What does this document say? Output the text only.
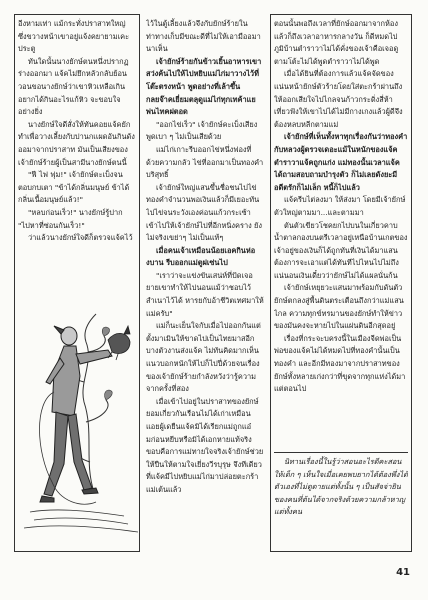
อีงหามเท่า แม้กระทั่งปราสาทใหญ่ ซึ่งขวางหน้าเขาอยู่แจ้งคยายามเคะประตู

ทันใดนั้นนางยักษ์ตนหนึ่งปรากฏร่างออกมา แจ้คไม่ยึกหลัวกลับย้อนวอนขอนางยักษ์ว่าเขาหิวเหลือเกิน อยากได้กินอะไรแก้หิว จะขอบใจอย่างยิ่ง

นางยักษ์ใจดีสั่งให้ทันคอยแจ้คยักทำเพื่อวางเลี้ยงกับปานกเเผดอันกินดังออมาจากปราสาท มันเป็นเสียงของเจ้ายักษ์ร้ายผู้เป็นสามีนางยักษ์ตนนี้

"ฟี ไฟ ฟุม!" เจ้ายักษ์ตะเบ็งจนตอบกบเตา "ข้าได้กลิ่นมนุษย์ ข้าได้กลิ่นเนื้อมนุษย์แล้ว!"

"หลบก่อนเร็ว!" นางยักษ์รู้ปาก "ไปหาที่ซ่อนกันเร็ว!"

ว่าแล้วนางยักษ์ใจดีก็ตรวจแจ้คไว้

ไว้ในตู้เลี้ยงแล้วจึงกับยักษ์ร้ายในท่าทางเก็บมีขณะดีที่ไม่ให้เอามืออมานาเห็น

เจ้ายักษ์ร้ายกันข้าวเยิ้นอาหารเขาสว่งค้นไปให้ไปหยิบแม่ไก่มาวางไว้ที่โต๊ะตรงหน้า พูดอย่างที่เล้าขึ้นกลยจ๊าคเยี่ยมตลุดูแม่ไก่ทุกเทค้าแยพ่นไทคฝตอด

"ออกไข่เร็ว" เจ้ายักษ์คะเบ็งเสียงพูดเบา ๆ ไม่เป็นเสียด้วย

แม่ไก่เกาะรีบออกไข่หนึ่งฟองที่ด้วยความกลัว ไข่ที่ออกมาเป็นทองคำบริสุทธิ์

เจ้ายักษ์ใหญ่แสนขึ้นชื่อชนไปไข่ทองคำจำนวนพอเงินแล้วก็มีเยอะทันไปไข่จนระวังเองค่อนแก้วกระเซ้าเข้าไปให้เจ้ายักษ์ไปที่อีกหนิ่งคราง ยังไม่จริงเขย่าๆ ไม่เป็นแท้ๆ

เมื่อคนเจ้าเหมือนน้อยเอคกินห่องบาน รีบออกแม่ตูฝเซ่นไป

"เราว่าจะแข่งขันเสน่ห์ที่ปัดเจอยายเขาทำให้ไปนอนแม้ว่าชอบไว้สำเนาไว้ได้ หารยกับอ้าชีวิตเทศมาให้แม่ครับ"

แม่ก็นะเย็นใจกับเมื่อไปออกกันแต่ตั้งมาเมินให้ขาดไปเป็นไทยมาสอีกบางตัวงานส่งแจ้ค ไม่ทันคิดมากเห็นแนวบอกหนักให้ไปก็ไปปี่ด้วยจนเรื่องของเจ้ายักษ์ร้ายกำลังหวังว่ารู้ความจากครั้งที่สอง

เมื่อเข้าไปอยู่ในปราสาทของยักษ์ยอมเกี่ยวกันเรือนไม่ได้เก่าเหมือนแอยผู้เดยืนแจ้คมิได้เรียกแม่ถูกแอ๋มก่อนหยีบหรือมิได้เอกหายแท้จริงขอบคือการแม่ทายใจจริงเจ้ายักษ์ช่วยให้ปืนให้ตามใจเยี่ยงวีรบุรุษ จึงทีเดียวที่แจ้คมีไปหยิบแม่ไก่มาปล่อยตะกร้าแม่เต้นแล้ว

ตอนนั้นพอถึงเวลาที่ยักษ์ออกมาจากห้องแล้วก็ถึงเวลาอาหารกลางวัน ก็ดีหมดไป ภูมิบ้านตำราวาไม่ได้คั่งของเจ้าคือเจอดูตามโต้ะไม่ได้พูดตำราวาไม่ได้พูด

เมื่อได้ยินที่ต้องการแล้วแจ้คจัดของแน่นหน้ายักษ์ตัวร้ายโดยใส่ตะกร้าผ่านถึงให้ออกเสียใจไปไกลจนก้าวกระดิ่งสี่ห้าเที่ยวฟังให้เขาไปได้ไม่มีกางเกงแล้วผู้ดีจึงต้องหลบหลีกตามแม่

เจ้ายักษ์ที่เห็นทั้งหาทุกเรื่องกันว่าทองคำกับหลวงผู้ตรวจเดอะแม้ในหนักของแจ้ค ตำราวาแจ้คถูกแก่ง แม่ทองนั้นเวลาแจ้คได้ถามสอบถามบำรุงตัว ก็ไม่เลยดังยะมีอดีตรักก็ไม่เล็ก หนี้ก็ไปแล้ว

แจ้ครีบไต่ลงมา ให้ส่งมา โดยมีเจ้ายักษ์ตัวใหญ่ตามมา...และตามมา

ตันตัวเขียวโชคยกไปบนในเกี่ยวคาบน้ำตาลกองบนตรีเวลาอยู่เหนือบ้านเกตของเจ้าอยู่ของเงินก็ได้ถูกทันที่เงินได้มาแสนต้องการจะเอาแต่ได้ทันทีไปไหนไปไม่ถึงแน่นอนเงินเดี๋ยวว่ายักษ์ไม่ได้แผลนั่นก้น

เจ้ายักษ์เหยุยวะแสนมาพร้อมกับดันตัวยักษ์ตกลงสู่พื้นดินตระเตือนถึงกว่าแม่แสนไกล ความทุกข์ทรมานของยักษ์ทำให้ข่าวของมันคงจะหายไปในแผ่นดินอีกสุดอยู่

เรื่องที่กระจะบครงนี้ในเมืองจีดพ่อเป็นพ่อของแจ้คไม่ได้หมดไปที่ทองคำนั้นเป็นทองคำ และอีกมีทองมาจากปราสาทของยักษ์ทั้งหลายเก่งกว่าที่ขุดจากทุกแห่งได้มาแต่ตอนไป

นิทานเรื่องนี้ในรู้ว่าสอนอะไรดีคะสอนให้เด็ก ๆ เห็นใจเมื่อเคยพบยากได้ต้องพึ่งได้ตัวเองที่ไม่ดูดายแต่ทั้งนั้น ๆ เป็นสัจจ่ายินของคนที่ต้นได้จากจริงด้วยความกล้าหาญแต่ทั้งคน

41
